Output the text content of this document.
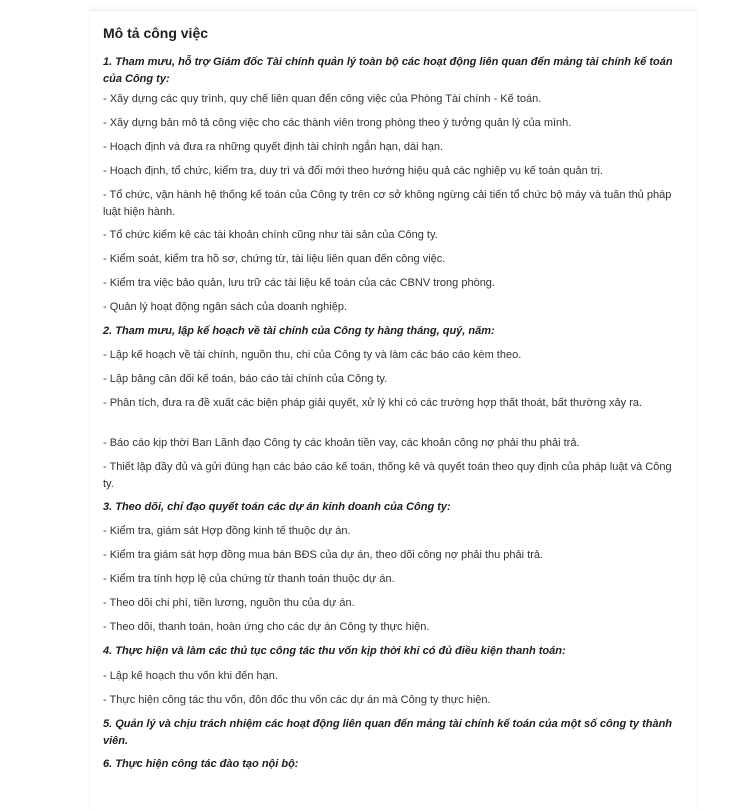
Mô tả công việc
1. Tham mưu, hỗ trợ Giám đốc Tài chính quản lý toàn bộ các hoạt động liên quan đến mảng tài chính kế toán của Công ty:
- Xây dựng các quy trình, quy chế liên quan đến công việc của Phòng Tài chính - Kế toán.
- Xây dựng bản mô tả công việc cho các thành viên trong phòng theo ý tưởng quản lý của mình.
- Hoạch định và đưa ra những quyết định tài chính ngắn hạn, dài hạn.
- Hoạch định, tổ chức, kiểm tra, duy trì và đổi mới theo hướng hiệu quả các nghiệp vụ kế toán quản trị.
- Tổ chức, vận hành hệ thống kế toán của Công ty trên cơ sở không ngừng cải tiến tổ chức bộ máy và tuân thủ pháp luật hiện hành.
- Tổ chức kiểm kê các tài khoản chính cũng như tài sản của Công ty.
- Kiểm soát, kiểm tra hồ sơ, chứng từ, tài liệu liên quan đến công việc.
- Kiểm tra việc bảo quản, lưu trữ các tài liệu kế toán của các CBNV trong phòng.
- Quản lý hoạt động ngân sách của doanh nghiệp.
2. Tham mưu, lập kế hoạch về tài chính của Công ty hàng tháng, quý, năm:
- Lập kế hoạch về tài chính, nguồn thu, chi của Công ty và làm các báo cáo kèm theo.
- Lập bảng cân đối kế toán, báo cáo tài chính của Công ty.
- Phân tích, đưa ra đề xuất các biện pháp giải quyết, xử lý khi có các trường hợp thất thoát, bất thường xảy ra.
- Báo cáo kịp thời Ban Lãnh đạo Công ty các khoản tiền vay, các khoản công nợ phải thu phải trả.
- Thiết lập đầy đủ và gửi đúng hạn các báo cáo kế toán, thống kê và quyết toán theo quy định của pháp luật và Công ty.
3. Theo dõi, chỉ đạo quyết toán các dự án kinh doanh của Công ty:
- Kiểm tra, giám sát Hợp đồng kinh tế thuộc dự án.
- Kiểm tra giám sát hợp đồng mua bán BĐS của dự án, theo dõi công nợ phải thu phải trả.
- Kiểm tra tính hợp lệ của chứng từ thanh toán thuộc dự án.
- Theo dõi chi phí, tiền lương, nguồn thu của dự án.
- Theo dõi, thanh toán, hoàn ứng cho các dự án Công ty thực hiện.
4. Thực hiện và làm các thủ tục công tác thu vốn kịp thời khi có đủ điều kiện thanh toán:
- Lập kế hoạch thu vốn khi đến hạn.
- Thực hiện công tác thu vốn, đôn đốc thu vốn các dự án mà Công ty thực hiện.
5. Quản lý và chịu trách nhiệm các hoạt động liên quan đến mảng tài chính kế toán của một số công ty thành viên.
6. Thực hiện công tác đào tạo nội bộ:
